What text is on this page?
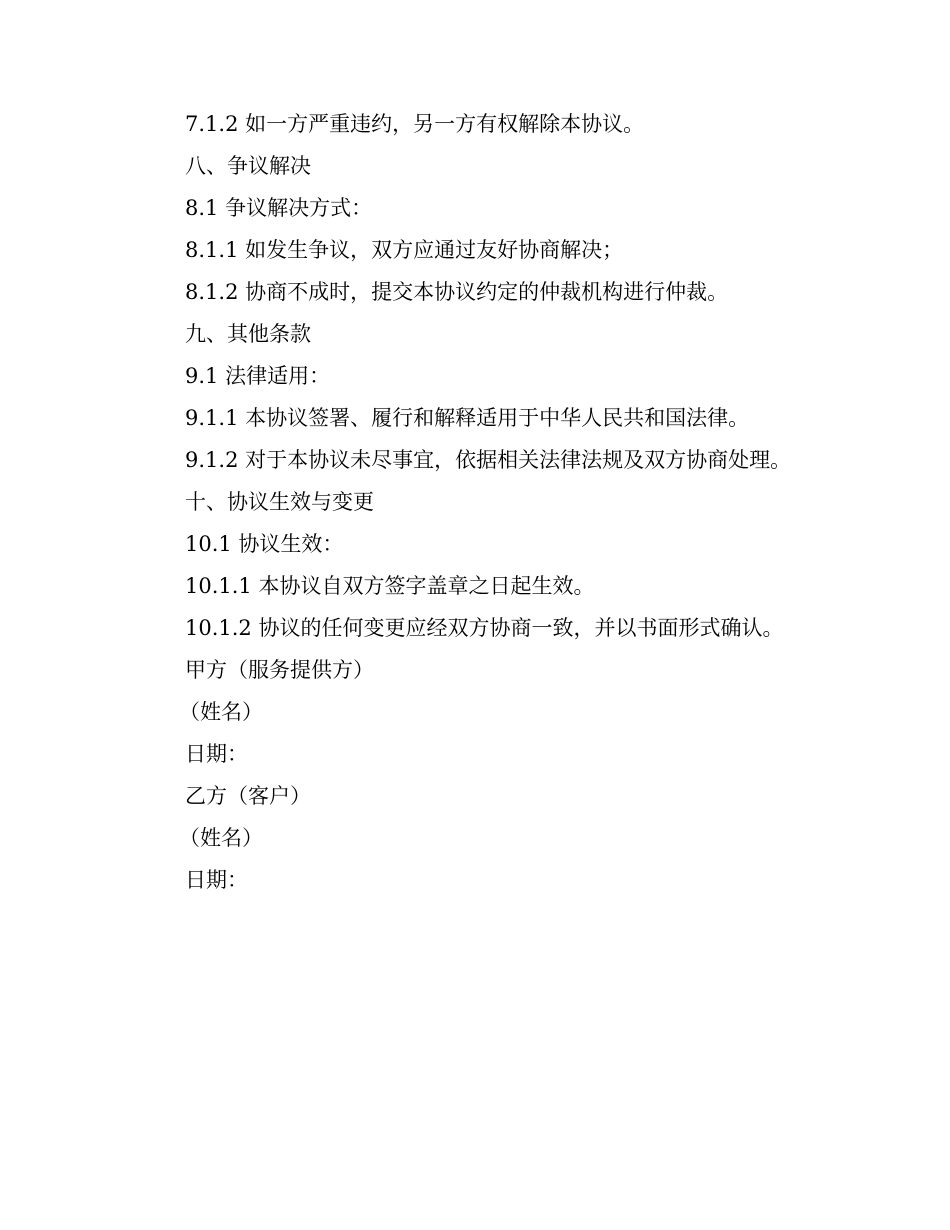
7.1.2 如一方严重违约，另一方有权解除本协议。
八、争议解决
8.1 争议解决方式：
8.1.1 如发生争议，双方应通过友好协商解决；
8.1.2 协商不成时，提交本协议约定的仲裁机构进行仲裁。
九、其他条款
9.1 法律适用：
9.1.1 本协议签署、履行和解释适用于中华人民共和国法律。
9.1.2 对于本协议未尽事宜，依据相关法律法规及双方协商处理。
十、协议生效与变更
10.1 协议生效：
10.1.1 本协议自双方签字盖章之日起生效。
10.1.2 协议的任何变更应经双方协商一致，并以书面形式确认。
甲方（服务提供方）
（姓名）
日期：
乙方（客户）
（姓名）
日期：
